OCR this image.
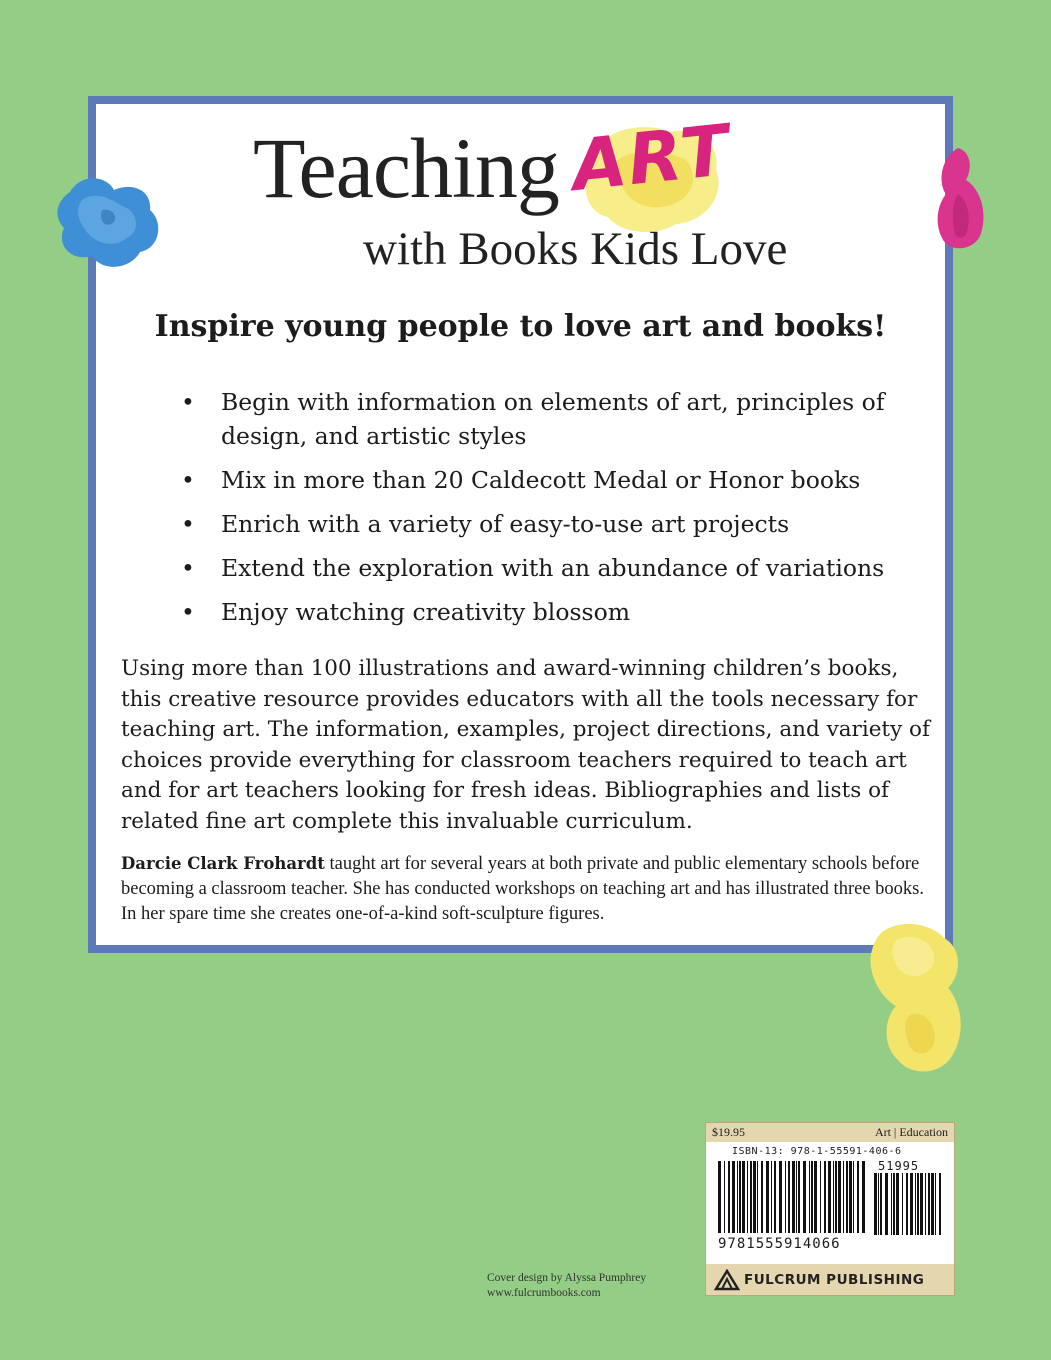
Teaching ART
with Books Kids Love
Inspire young people to love art and books!
• Begin with information on elements of art, principles of design, and artistic styles
• Mix in more than 20 Caldecott Medal or Honor books
• Enrich with a variety of easy-to-use art projects
• Extend the exploration with an abundance of variations
• Enjoy watching creativity blossom
Using more than 100 illustrations and award-winning children’s books, this creative resource provides educators with all the tools necessary for teaching art. The information, examples, project directions, and variety of choices provide everything for classroom teachers required to teach art and for art teachers looking for fresh ideas. Bibliographies and lists of related fine art complete this invaluable curriculum.
Darcie Clark Frohardt taught art for several years at both private and public elementary schools before becoming a classroom teacher. She has conducted workshops on teaching art and has illustrated three books. In her spare time she creates one-of-a-kind soft-sculpture figures.
Cover design by Alyssa Pumphrey
www.fulcrumbooks.com
$19.95	Art | Education
ISBN-13: 978-1-55591-406-6
51995
9781555914066
FULCRUM PUBLISHING
